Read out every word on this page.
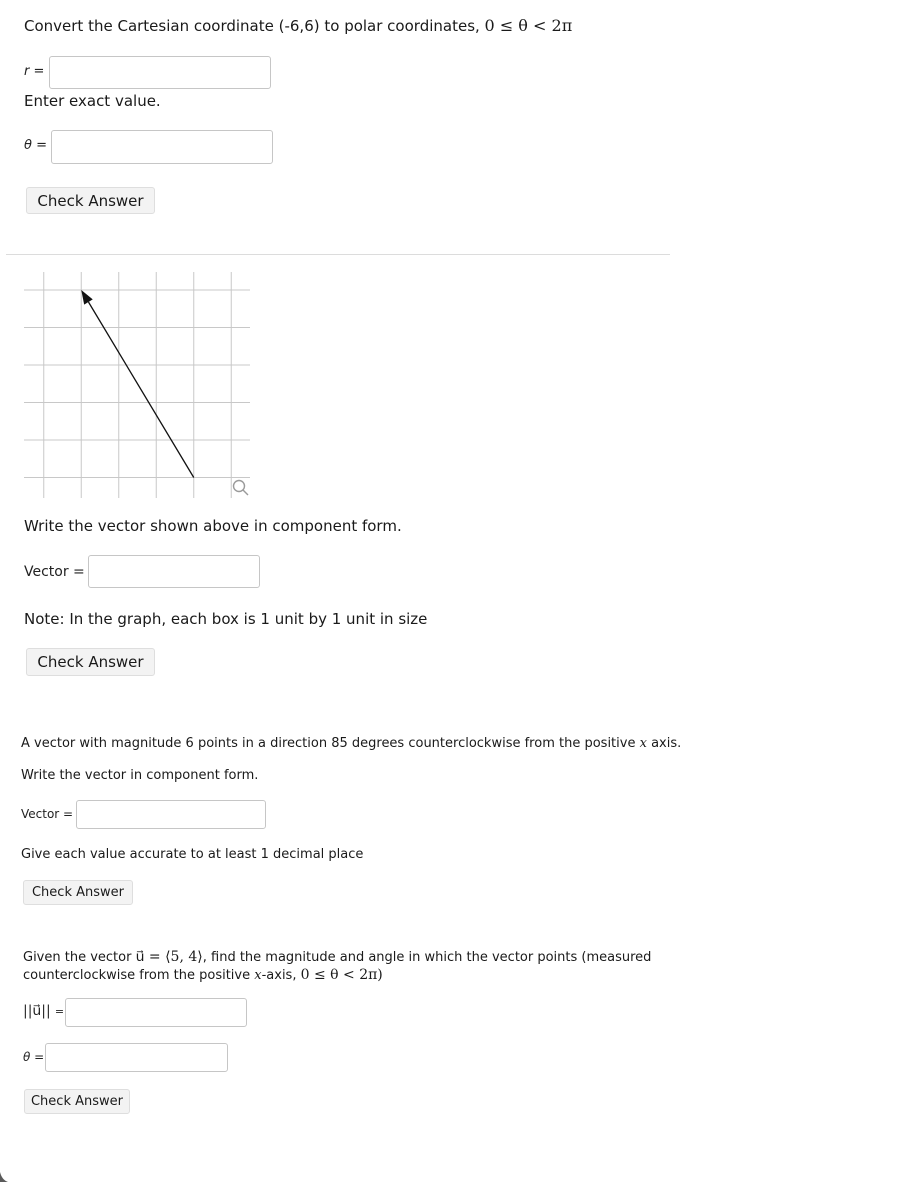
Convert the Cartesian coordinate (-6,6) to polar coordinates, 0 ≤ θ < 2π
r =
Enter exact value.
θ =
Check Answer
Write the vector shown above in component form.
Vector =
Note: In the graph, each box is 1 unit by 1 unit in size
Check Answer
A vector with magnitude 6 points in a direction 85 degrees counterclockwise from the positive x axis.
Write the vector in component form.
Vector =
Give each value accurate to at least 1 decimal place
Check Answer
Given the vector u⃗ = ⟨5, 4⟩, find the magnitude and angle in which the vector points (measured
counterclockwise from the positive x-axis, 0 ≤ θ < 2π)
||u⃗|| =
θ =
Check Answer
